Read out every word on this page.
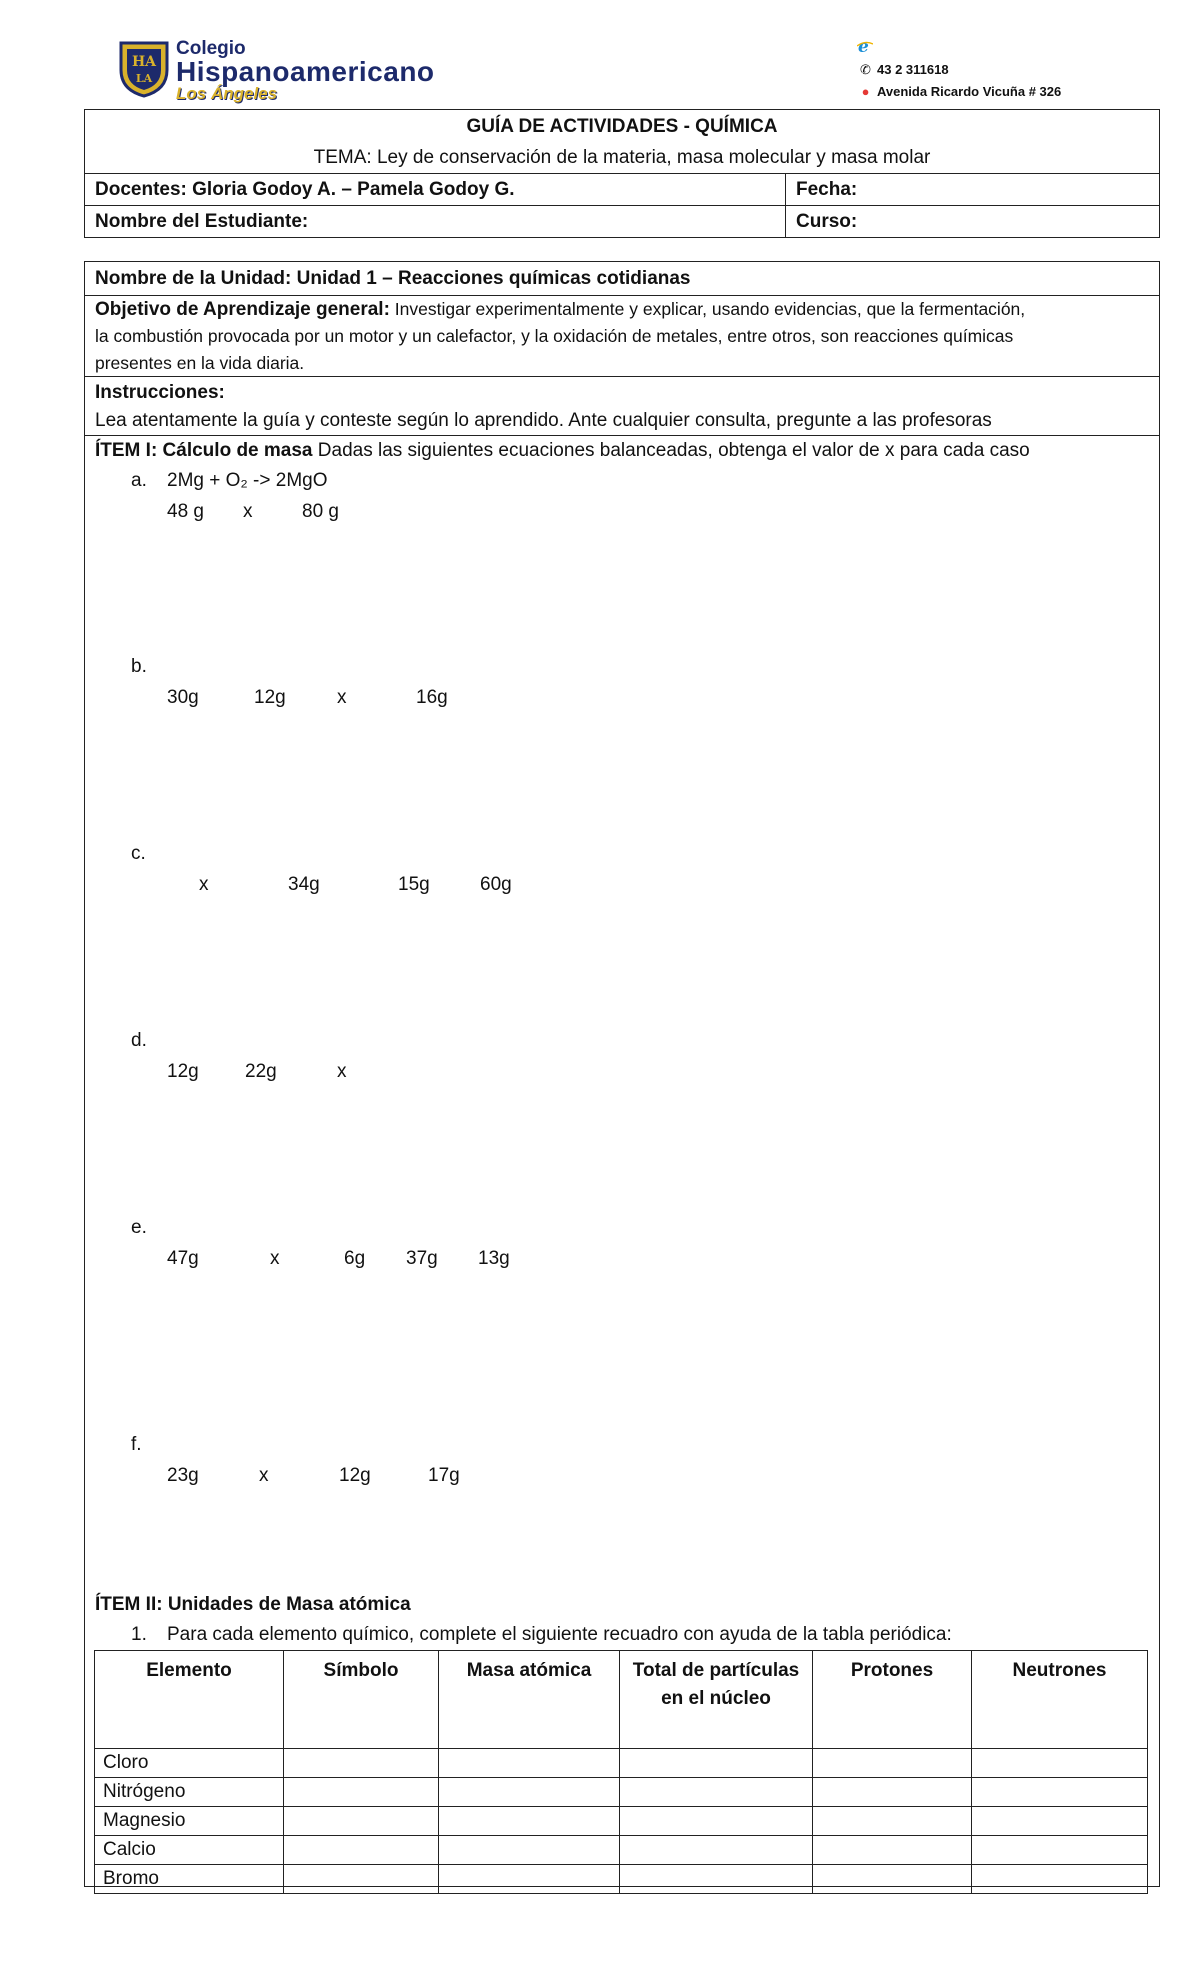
HA
LA
Colegio
Hispanoamericano
Los Ángeles
e
✆ 43 2 311618
● Avenida Ricardo Vicuña # 326
GUÍA DE ACTIVIDADES - QUÍMICA	
TEMA: Ley de conservación de la materia, masa molecular y masa molar	
Docentes: Gloria Godoy A. – Pamela Godoy G.	Fecha:
Nombre del Estudiante:	Curso:
Nombre de la Unidad: Unidad 1 – Reacciones químicas cotidianas
Objetivo de Aprendizaje general: Investigar experimentalmente y explicar, usando evidencias, que la fermentación,
la combustión provocada por un motor y un calefactor, y la oxidación de metales, entre otros, son reacciones químicas
presentes en la vida diaria.
Instrucciones:
Lea atentamente la guía y conteste según lo aprendido. Ante cualquier consulta, pregunte a las profesoras
ÍTEM I: Cálculo de masa Dadas las siguientes ecuaciones balanceadas, obtenga el valor de x para cada caso
a. 2Mg + O₂ -> 2MgO
48 g x	80 g
b.
30g	12g	x	16g
c.
x	34g	15g	60g
d.
12g 22g	x
e.
47g	x	6g 37g 13g
f.
23g	x	12g	17g
ÍTEM II: Unidades de Masa atómica
1. Para cada elemento químico, complete el siguiente recuadro con ayuda de la tabla periódica:
Elemento	Símbolo	Masa atómica	Total de partículas en el núcleo	Protones	Neutrones
Cloro					
Nitrógeno					
Magnesio					
Calcio					
Bromo					
